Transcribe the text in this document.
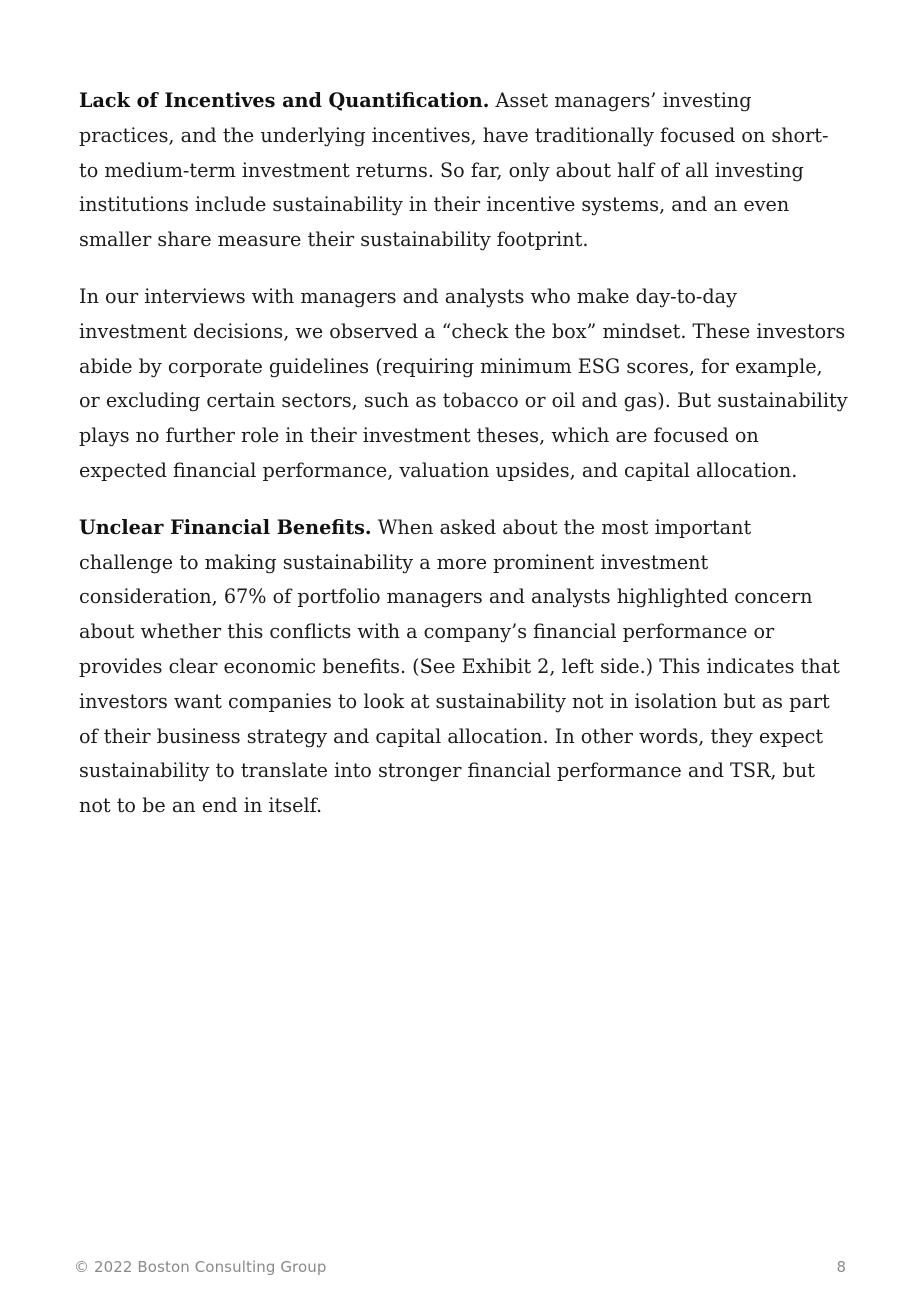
Lack of Incentives and Quantification. Asset managers’ investing practices, and the underlying incentives, have traditionally focused on short- to medium-term investment returns. So far, only about half of all investing institutions include sustainability in their incentive systems, and an even smaller share measure their sustainability footprint.

In our interviews with managers and analysts who make day-to-day investment decisions, we observed a “check the box” mindset. These investors abide by corporate guidelines (requiring minimum ESG scores, for example, or excluding certain sectors, such as tobacco or oil and gas). But sustainability plays no further role in their investment theses, which are focused on expected financial performance, valuation upsides, and capital allocation.

Unclear Financial Benefits. When asked about the most important challenge to making sustainability a more prominent investment consideration, 67% of portfolio managers and analysts highlighted concern about whether this conflicts with a company’s financial performance or provides clear economic benefits. (See Exhibit 2, left side.) This indicates that investors want companies to look at sustainability not in isolation but as part of their business strategy and capital allocation. In other words, they expect sustainability to translate into stronger financial performance and TSR, but not to be an end in itself.

© 2022 Boston Consulting Group	8
